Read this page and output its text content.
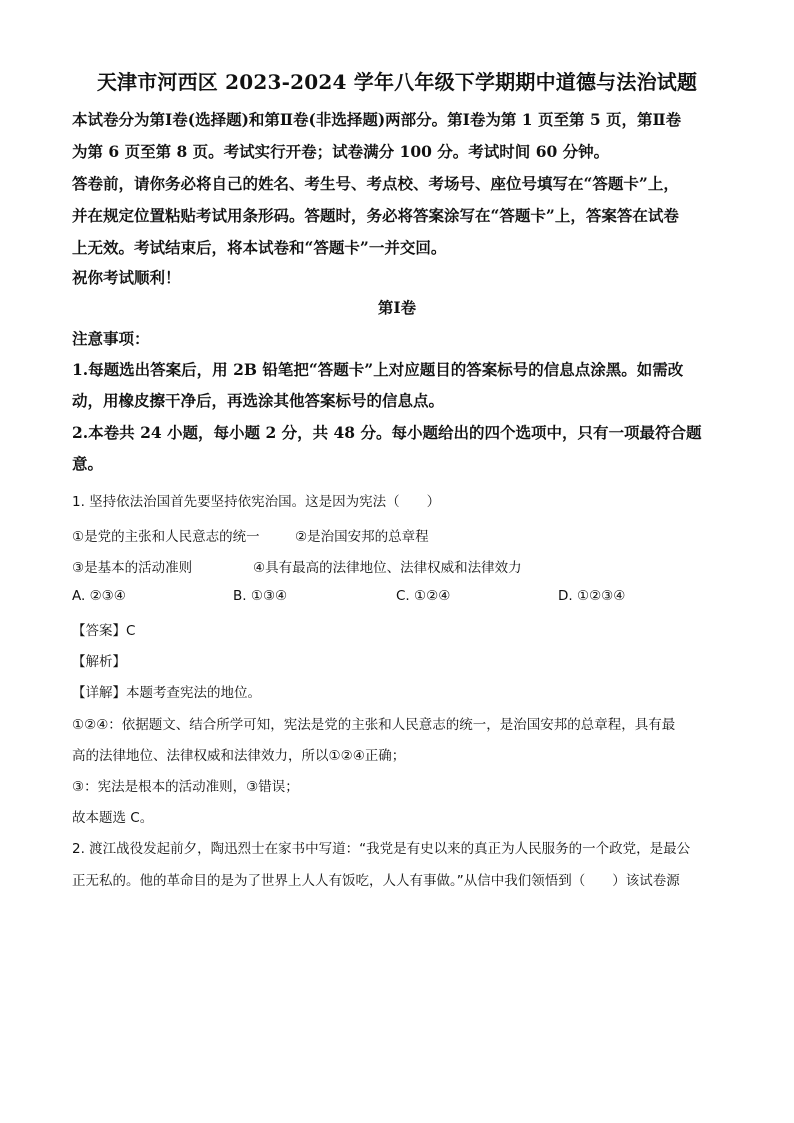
天津市河西区 2023-2024 学年八年级下学期期中道德与法治试题
本试卷分为第Ⅰ卷(选择题)和第Ⅱ卷(非选择题)两部分。第Ⅰ卷为第 1 页至第 5 页，第Ⅱ卷
为第 6 页至第 8 页。考试实行开卷；试卷满分 100 分。考试时间 60 分钟。
答卷前，请你务必将自己的姓名、考生号、考点校、考场号、座位号填写在“答题卡”上，
并在规定位置粘贴考试用条形码。答题时，务必将答案涂写在“答题卡”上，答案答在试卷
上无效。考试结束后，将本试卷和“答题卡”一并交回。
祝你考试顺利！
第Ⅰ卷
注意事项：
1.每题选出答案后，用 2B 铅笔把“答题卡”上对应题目的答案标号的信息点涂黑。如需改
动，用橡皮擦干净后，再选涂其他答案标号的信息点。
2.本卷共 24 小题，每小题 2 分，共 48 分。每小题给出的四个选项中，只有一项最符合题
意。
1. 坚持依法治国首先要坚持依宪治国。这是因为宪法（　　）
①是党的主张和人民意志的统一	②是治国安邦的总章程
③是基本的活动准则	④具有最高的法律地位、法律权威和法律效力
A. ②③④	B. ①③④	C. ①②④	D. ①②③④
【答案】C
【解析】
【详解】本题考查宪法的地位。
①②④：依据题文、结合所学可知，宪法是党的主张和人民意志的统一，是治国安邦的总章程，具有最
高的法律地位、法律权威和法律效力，所以①②④正确；
③：宪法是根本的活动准则，③错误；
故本题选 C。
2. 渡江战役发起前夕，陶迅烈士在家书中写道：“我党是有史以来的真正为人民服务的一个政党，是最公
正无私的。他的革命目的是为了世界上人人有饭吃，人人有事做。”从信中我们领悟到（　　）该试卷源
